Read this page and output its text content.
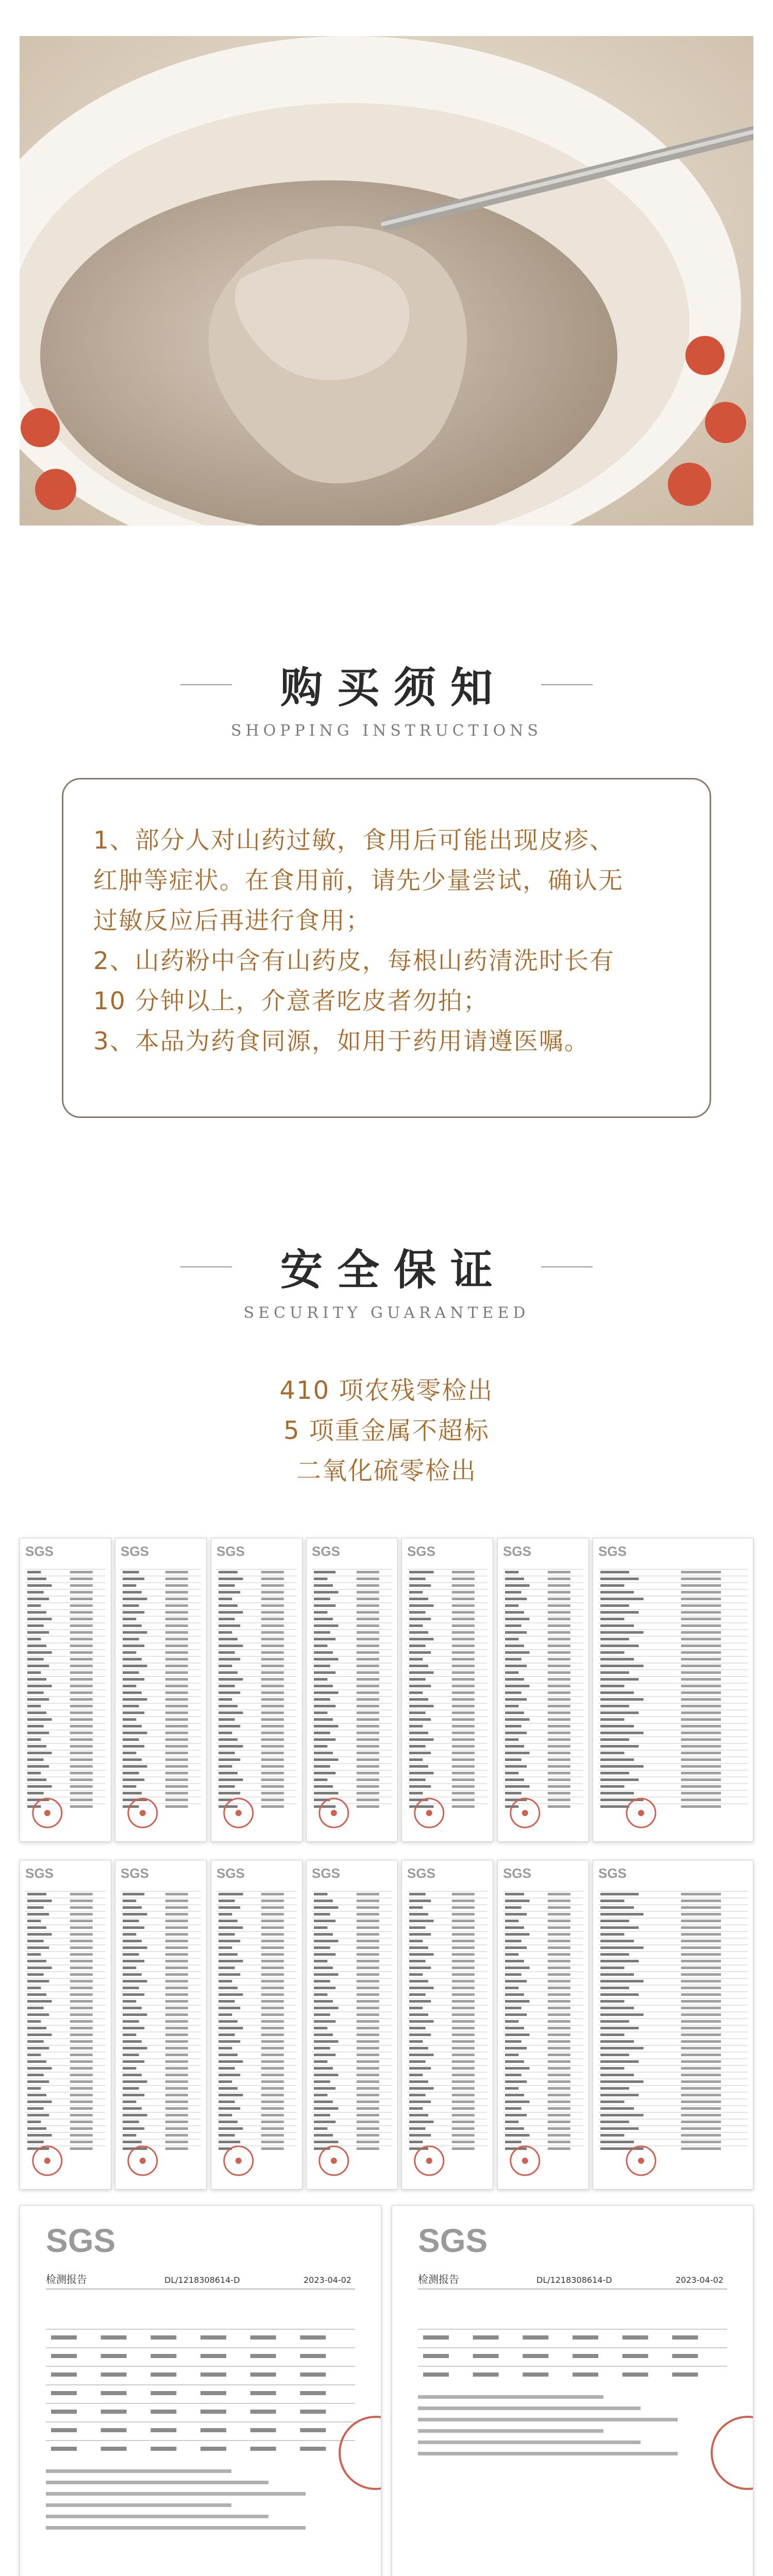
购买须知
SHOPPING INSTRUCTIONS
1、部分人对山药过敏，食用后可能出现皮疹、
红肿等症状。在食用前，请先少量尝试，确认无
过敏反应后再进行食用；
2、山药粉中含有山药皮，每根山药清洗时长有
10 分钟以上，介意者吃皮者勿拍；
3、本品为药食同源，如用于药用请遵医嘱。
安全保证
SECURITY GUARANTEED
410 项农残零检出
5 项重金属不超标
二氧化硫零检出
SGS	SGS	SGS	SGS	SGS	SGS	SGS
SGS	SGS	SGS	SGS	SGS	SGS	SGS
SGS
检测报告	DL/1218308614-D	2023-04-02
SGS
检测报告	DL/1218308614-D	2023-04-02
